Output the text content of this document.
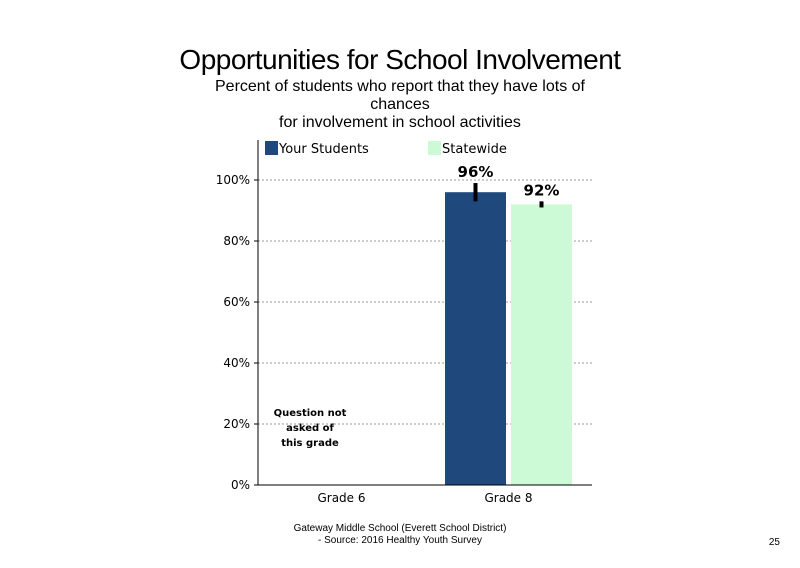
Opportunities for School Involvement
Percent of students who report that they have lots of
chances
for involvement in school activities
0%
20%
40%
60%
80%
100%
Grade 6
96%
92%
Grade 8
Question not
asked of
this grade
Your Students	Statewide
Gateway Middle School (Everett School District)
- Source: 2016 Healthy Youth Survey	25
